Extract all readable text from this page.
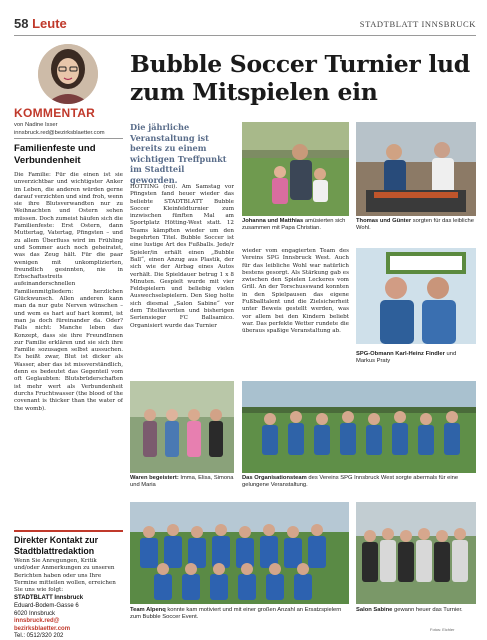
58 Leute	STADTBLATT INNSBRUCK
KOMMENTAR
von Nadine Isser
innsbruck.red@bezirksblaetter.com
Familienfeste und Verbundenheit
Die Familie: Für die einen ist sie unverzichtbar und wichtigster Anker im Leben, die anderen würden gerne darauf verzichten und sind froh, wenn sie ihre Blutsverwandten nur zu Weihnachten und Ostern sehen müssen. Doch zumeist häufen sich die Familienfeste: Erst Ostern, dann Muttertag, Vatertag, Pfingsten – und zu allem Überfluss wird im Frühling und Sommer auch noch geheiratet, was das Zeug hält. Für die paar wenigen mit unkomplizierten, freundlich gesinnten, nie in Erbschaftsstreits aufeinanderschnellen Familienmitgliedern: herzlichen Glückwunsch. Allen anderen kann man da nur gute Nerven wünschen – und wem es hart auf hart kommt, ist man ja doch füreinander da. Oder? Falls nicht: Manche leben das Konzept, dass sie ihre FreundInnen zur Familie erklären und sie sich ihre Familie sozusagen selbst aussuchen. Es heißt zwar, Blut ist dicker als Wasser, aber das ist missverständlich, denn es bedeutet das Gegenteil vom oft Geglaubten: Blutsbrüderschaften ist mehr wert als Verbundenheit durchs Fruchtwasser (the blood of the covenant is thicker than the water of the womb).
Direkter Kontakt zur Stadtblattredaktion
Wenn Sie Anregungen, Kritik und/oder Anmerkungen zu unseren Berichten haben oder uns Ihre Termine mitteilen wollen, erreichen Sie uns wie folgt:
STADTBLATT Innsbruck
Eduard-Bodem-Gasse 6
6020 Innsbruck
innsbruck.red@
bezirksblaetter.com
Tel.: 0512/320 202
Bubble Soccer Turnier lud zum Mitspielen ein
Die jährliche Veranstaltung ist bereits zu einem wichtigen Treffpunkt im Stadtteil geworden.
HÖTTING (rei). Am Samstag vor Pfingsten fand heuer wieder das beliebte STADTBLATT Bubble Soccer Kleinfeldturnier zum inzwischen fünften Mal am Sportplatz Hötting-West statt. 12 Teams kämpften wieder um den begehrten Titel. Bubble Soccer ist eine lustige Art des Fußballs. Jede/r Spieler/in erhält einen „Bubble Ball“, einen Anzug aus Plastik, der sich wie der Airbag eines Autos verhält. Die Spieldauer betrug 1 x 8 Minuten. Gespielt wurde mit vier Feldspielern und beliebig vielen Auswechselspielern. Den Sieg holte sich diesmal „Salon Sabine“ vor dem Titelfavoriten und bisherigen Seriensieger FC Ballsamico. Organisiert wurde das Turnier
wieder vom engagierten Team des Vereins SPG Innsbruck West. Auch für das leibliche Wohl war natürlich bestens gesorgt. Als Stärkung gab es zwischen den Spielen Leckeres vom Grill. An der Torschusswand konnten in den Spielpausen das eigene Fußballtalent und die Zielsicherheit unter Beweis gestellt werden, was vor allem bei den Kindern beliebt war. Das perfekte Wetter rundete die überaus spaßige Veranstaltung ab.
Johanna und Matthias amüsierten sich zusammen mit Papa Christian.
Thomas und Günter sorgten für das leibliche Wohl.
SPG-Obmann Karl-Heinz Findler und Markus Praty
Waren begeistert: Imma, Elisa, Simona und Maria
Das Organisationsteam des Vereins SPG Innsbruck West sorgte abermals für eine gelungene Veranstaltung.
Team Alpenq konnte kam motiviert und mit einer großen Anzahl an Ersatzspielern zum Bubble Soccer Event.
Salon Sabine gewann heuer das Turnier.
Fotos: Eichler
